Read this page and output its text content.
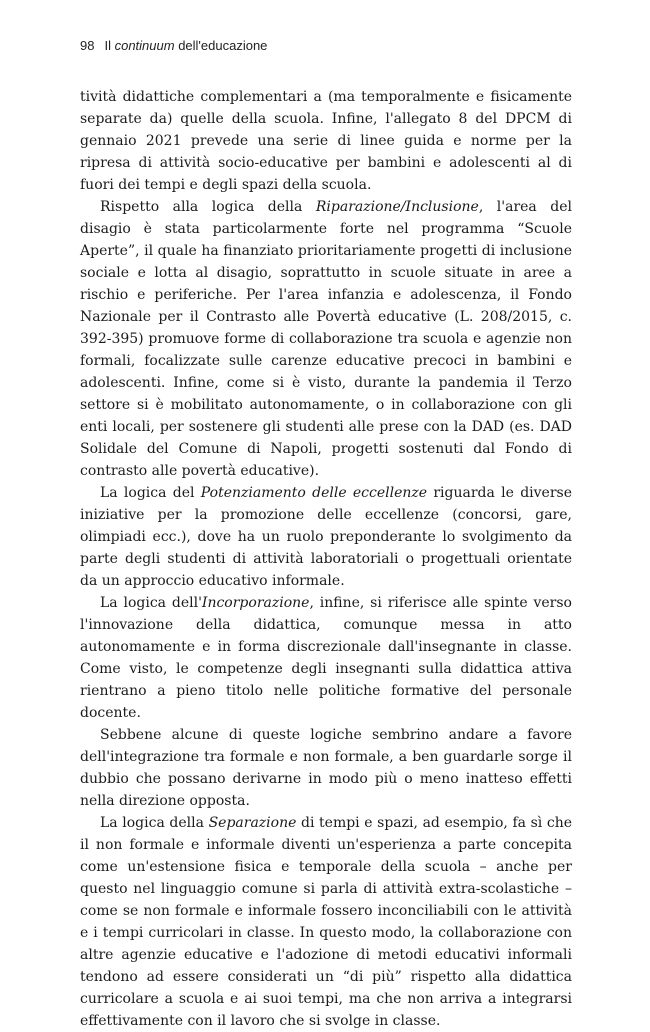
98 Il continuum dell'educazione

tività didattiche complementari a (ma temporalmente e fisicamente separate da) quelle della scuola. Infine, l'allegato 8 del DPCM di gennaio 2021 prevede una serie di linee guida e norme per la ripresa di attività socio-educative per bambini e adolescenti al di fuori dei tempi e degli spazi della scuola.

Rispetto alla logica della Riparazione/Inclusione, l'area del disagio è stata particolarmente forte nel programma “Scuole Aperte”, il quale ha finanziato prioritariamente progetti di inclusione sociale e lotta al disagio, soprattutto in scuole situate in aree a rischio e periferiche. Per l'area infanzia e adolescenza, il Fondo Nazionale per il Contrasto alle Povertà educative (L. 208/2015, c. 392-395) promuove forme di collaborazione tra scuola e agenzie non formali, focalizzate sulle carenze educative precoci in bambini e adolescenti. Infine, come si è visto, durante la pandemia il Terzo settore si è mobilitato autonomamente, o in collaborazione con gli enti locali, per sostenere gli studenti alle prese con la DAD (es. DAD Solidale del Comune di Napoli, progetti sostenuti dal Fondo di contrasto alle povertà educative).

La logica del Potenziamento delle eccellenze riguarda le diverse iniziative per la promozione delle eccellenze (concorsi, gare, olimpiadi ecc.), dove ha un ruolo preponderante lo svolgimento da parte degli studenti di attività laboratoriali o progettuali orientate da un approccio educativo informale.

La logica dell'Incorporazione, infine, si riferisce alle spinte verso l'innovazione della didattica, comunque messa in atto autonomamente e in forma discrezionale dall'insegnante in classe. Come visto, le competenze degli insegnanti sulla didattica attiva rientrano a pieno titolo nelle politiche formative del personale docente.

Sebbene alcune di queste logiche sembrino andare a favore dell'integrazione tra formale e non formale, a ben guardarle sorge il dubbio che possano derivarne in modo più o meno inatteso effetti nella direzione opposta.

La logica della Separazione di tempi e spazi, ad esempio, fa sì che il non formale e informale diventi un'esperienza a parte concepita come un'estensione fisica e temporale della scuola – anche per questo nel linguaggio comune si parla di attività extra-scolastiche – come se non formale e informale fossero inconciliabili con le attività e i tempi curricolari in classe. In questo modo, la collaborazione con altre agenzie educative e l'adozione di metodi educativi informali tendono ad essere considerati un “di più” rispetto alla didattica curricolare a scuola e ai suoi tempi, ma che non arriva a integrarsi effettivamente con il lavoro che si svolge in classe.
